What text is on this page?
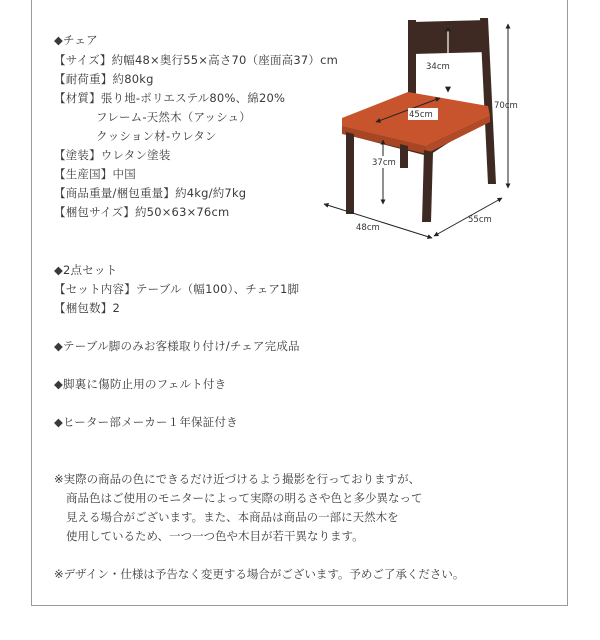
◆チェア
【サイズ】約幅48×奥行55×高さ70（座面高37）cm
【耐荷重】約80kg
【材質】張り地-ポリエステル80%、綿20%
フレーム-天然木（アッシュ）
クッション材-ウレタン
【塗装】ウレタン塗装
【生産国】中国
【商品重量/梱包重量】約4kg/約7kg
【梱包サイズ】約50×63×76cm
◆2点セット
【セット内容】テーブル（幅100）、チェア1脚
【梱包数】2
◆テーブル脚のみお客様取り付け/チェア完成品
◆脚裏に傷防止用のフェルト付き
◆ヒーター部メーカー１年保証付き
※実際の商品の色にできるだけ近づけるよう撮影を行っておりますが、
商品色はご使用のモニターによって実際の明るさや色と多少異なって
見える場合がございます。また、本商品は商品の一部に天然木を
使用しているため、一つ一つ色や木目が若干異なります。
※デザイン・仕様は予告なく変更する場合がございます。予めご了承ください。
34cm
45cm
37cm
70cm
48cm
55cm
